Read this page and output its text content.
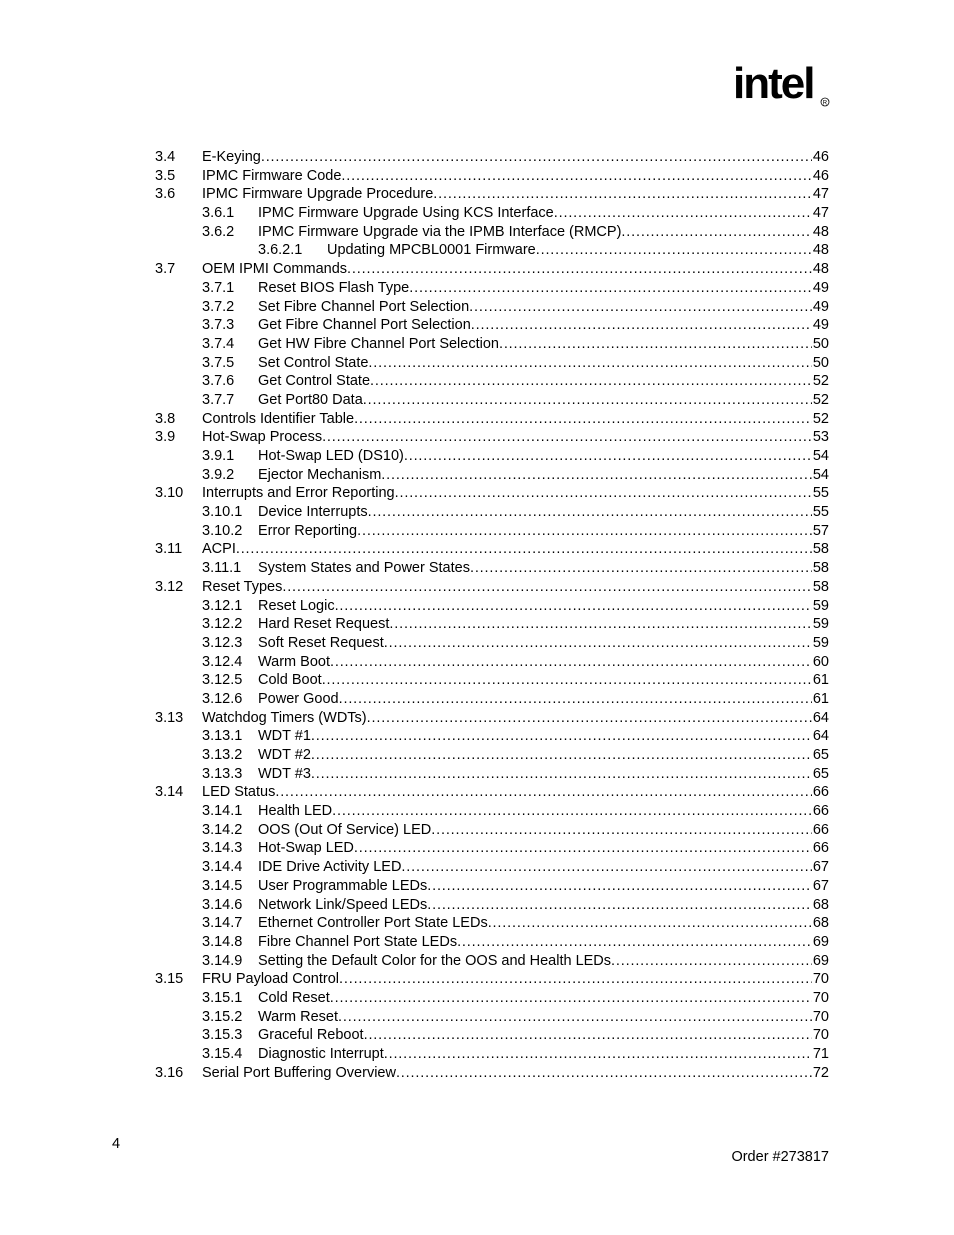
intel R
3.4 E-Keying . . .	46
3.5 IPMC Firmware Code . . .	46
3.6 IPMC Firmware Upgrade Procedure . . .	47
3.6.1 IPMC Firmware Upgrade Using KCS Interface . . .	47
3.6.2 IPMC Firmware Upgrade via the IPMB Interface (RMCP) . . .	48
3.6.2.1 Updating MPCBL0001 Firmware . . .	48
3.7 OEM IPMI Commands . . .	48
3.7.1 Reset BIOS Flash Type . . .	49
3.7.2 Set Fibre Channel Port Selection . . .	49
3.7.3 Get Fibre Channel Port Selection . . .	49
3.7.4 Get HW Fibre Channel Port Selection . . .	50
3.7.5 Set Control State . . .	50
3.7.6 Get Control State . . .	52
3.7.7 Get Port80 Data . . .	52
3.8 Controls Identifier Table . . .	52
3.9 Hot-Swap Process . . .	53
3.9.1 Hot-Swap LED (DS10) . . .	54
3.9.2 Ejector Mechanism . . .	54
3.10 Interrupts and Error Reporting . . .	55
3.10.1 Device Interrupts . . .	55
3.10.2 Error Reporting . . .	57
3.11 ACPI . . .	58
3.11.1 System States and Power States . . .	58
3.12 Reset Types . . .	58
3.12.1 Reset Logic . . .	59
3.12.2 Hard Reset Request . . .	59
3.12.3 Soft Reset Request . . .	59
3.12.4 Warm Boot . . .	60
3.12.5 Cold Boot . . .	61
3.12.6 Power Good . . .	61
3.13 Watchdog Timers (WDTs) . . .	64
3.13.1 WDT #1 . . .	64
3.13.2 WDT #2 . . .	65
3.13.3 WDT #3 . . .	65
3.14 LED Status . . .	66
3.14.1 Health LED . . .	66
3.14.2 OOS (Out Of Service) LED . . .	66
3.14.3 Hot-Swap LED . . .	66
3.14.4 IDE Drive Activity LED . . .	67
3.14.5 User Programmable LEDs . . .	67
3.14.6 Network Link/Speed LEDs . . .	68
3.14.7 Ethernet Controller Port State LEDs . . .	68
3.14.8 Fibre Channel Port State LEDs . . .	69
3.14.9 Setting the Default Color for the OOS and Health LEDs . . .	69
3.15 FRU Payload Control . . .	70
3.15.1 Cold Reset . . .	70
3.15.2 Warm Reset . . .	70
3.15.3 Graceful Reboot . . .	70
3.15.4 Diagnostic Interrupt . . .	71
3.16 Serial Port Buffering Overview . . .	72
4
Order #273817
